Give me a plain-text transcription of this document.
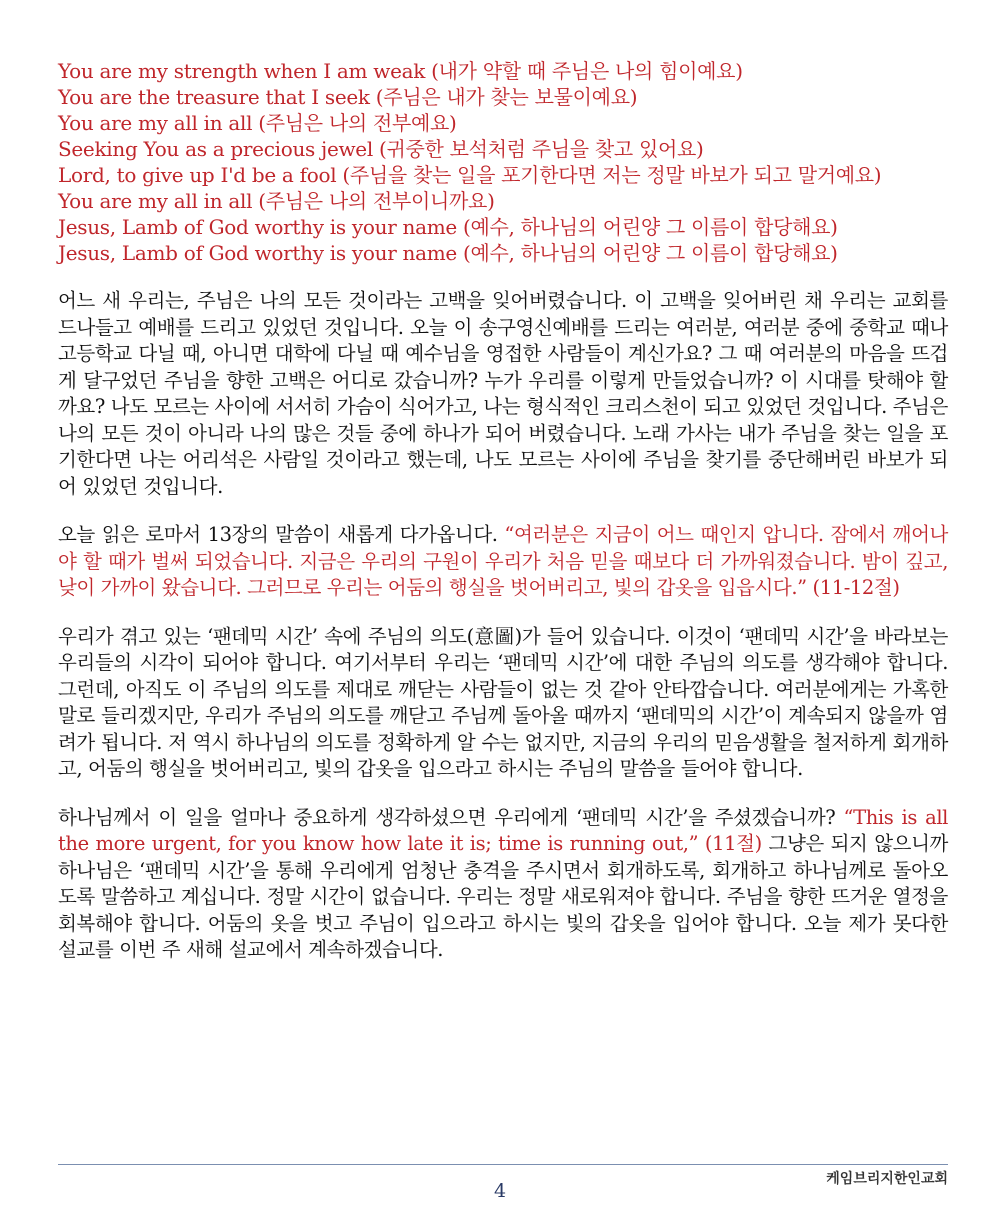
You are my strength when I am weak (내가 약할 때 주님은 나의 힘이예요)
You are the treasure that I seek (주님은 내가 찾는 보물이예요)
You are my all in all (주님은 나의 전부예요)
Seeking You as a precious jewel (귀중한 보석처럼 주님을 찾고 있어요)
Lord, to give up I'd be a fool (주님을 찾는 일을 포기한다면 저는 정말 바보가 되고 말거예요)
You are my all in all (주님은 나의 전부이니까요)
Jesus, Lamb of God worthy is your name (예수, 하나님의 어린양 그 이름이 합당해요)
Jesus, Lamb of God worthy is your name (예수, 하나님의 어린양 그 이름이 합당해요)

어느 새 우리는, 주님은 나의 모든 것이라는 고백을 잊어버렸습니다. 이 고백을 잊어버린 채 우리는 교회를 드나들고 예배를 드리고 있었던 것입니다. 오늘 이 송구영신예배를 드리는 여러분, 여러분 중에 중학교 때나 고등학교 다닐 때, 아니면 대학에 다닐 때 예수님을 영접한 사람들이 계신가요? 그 때 여러분의 마음을 뜨겁게 달구었던 주님을 향한 고백은 어디로 갔습니까? 누가 우리를 이렇게 만들었습니까? 이 시대를 탓해야 할까요? 나도 모르는 사이에 서서히 가슴이 식어가고, 나는 형식적인 크리스천이 되고 있었던 것입니다. 주님은 나의 모든 것이 아니라 나의 많은 것들 중에 하나가 되어 버렸습니다. 노래 가사는 내가 주님을 찾는 일을 포기한다면 나는 어리석은 사람일 것이라고 했는데, 나도 모르는 사이에 주님을 찾기를 중단해버린 바보가 되어 있었던 것입니다.

오늘 읽은 로마서 13장의 말씀이 새롭게 다가옵니다. “여러분은 지금이 어느 때인지 압니다. 잠에서 깨어나야 할 때가 벌써 되었습니다. 지금은 우리의 구원이 우리가 처음 믿을 때보다 더 가까워졌습니다. 밤이 깊고, 낮이 가까이 왔습니다. 그러므로 우리는 어둠의 행실을 벗어버리고, 빛의 갑옷을 입읍시다.” (11-12절)

우리가 겪고 있는 ‘팬데믹 시간’ 속에 주님의 의도(意圖)가 들어 있습니다. 이것이 ‘팬데믹 시간’을 바라보는 우리들의 시각이 되어야 합니다. 여기서부터 우리는 ‘팬데믹 시간’에 대한 주님의 의도를 생각해야 합니다. 그런데, 아직도 이 주님의 의도를 제대로 깨닫는 사람들이 없는 것 같아 안타깝습니다. 여러분에게는 가혹한 말로 들리겠지만, 우리가 주님의 의도를 깨닫고 주님께 돌아올 때까지 ‘팬데믹의 시간’이 계속되지 않을까 염려가 됩니다. 저 역시 하나님의 의도를 정확하게 알 수는 없지만, 지금의 우리의 믿음생활을 철저하게 회개하고, 어둠의 행실을 벗어버리고, 빛의 갑옷을 입으라고 하시는 주님의 말씀을 들어야 합니다.

하나님께서 이 일을 얼마나 중요하게 생각하셨으면 우리에게 ‘팬데믹 시간’을 주셨겠습니까? “This is all the more urgent, for you know how late it is; time is running out,” (11절) 그냥은 되지 않으니까 하나님은 ‘팬데믹 시간’을 통해 우리에게 엄청난 충격을 주시면서 회개하도록, 회개하고 하나님께로 돌아오도록 말씀하고 계십니다. 정말 시간이 없습니다. 우리는 정말 새로워져야 합니다. 주님을 향한 뜨거운 열정을 회복해야 합니다. 어둠의 옷을 벗고 주님이 입으라고 하시는 빛의 갑옷을 입어야 합니다. 오늘 제가 못다한 설교를 이번 주 새해 설교에서 계속하겠습니다.

4
케임브리지한인교회
